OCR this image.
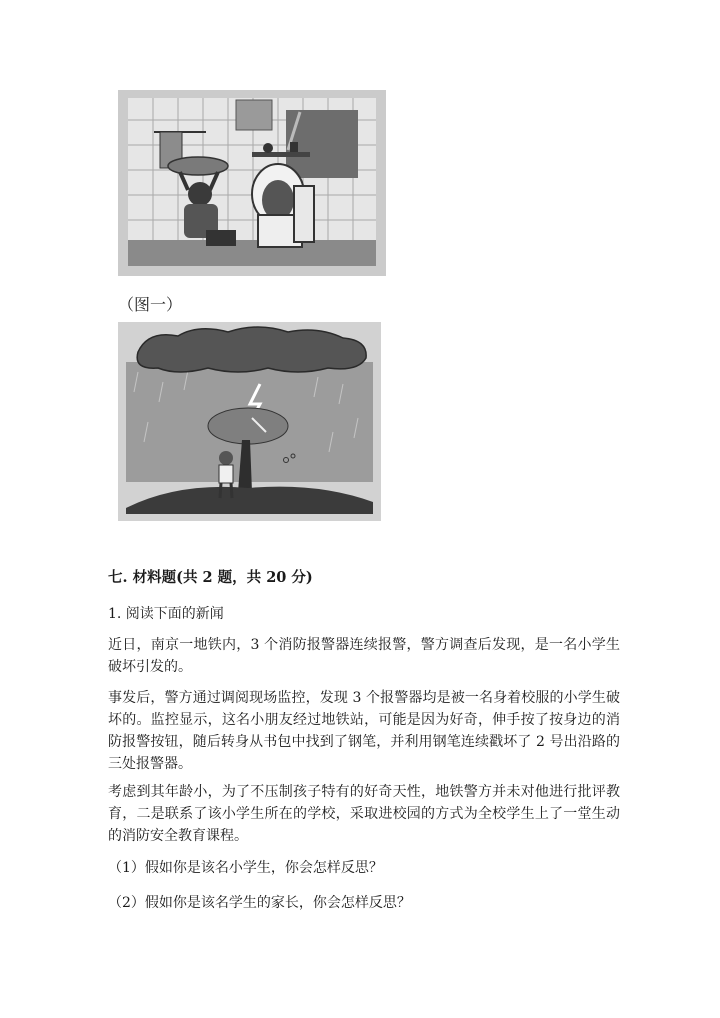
（图一）
七. 材料题(共 2 题，共 20 分)
1. 阅读下面的新闻

近日，南京一地铁内，3 个消防报警器连续报警，警方调查后发现，是一名小学生破坏引发的。

事发后，警方通过调阅现场监控，发现 3 个报警器均是被一名身着校服的小学生破坏的。监控显示，这名小朋友经过地铁站，可能是因为好奇，伸手按了按身边的消防报警按钮，随后转身从书包中找到了钢笔，并利用钢笔连续戳坏了 2 号出沿路的三处报警器。

考虑到其年龄小，为了不压制孩子特有的好奇天性，地铁警方并未对他进行批评教育，二是联系了该小学生所在的学校，采取进校园的方式为全校学生上了一堂生动的消防安全教育课程。

（1）假如你是该名小学生，你会怎样反思？
（2）假如你是该名学生的家长，你会怎样反思？
